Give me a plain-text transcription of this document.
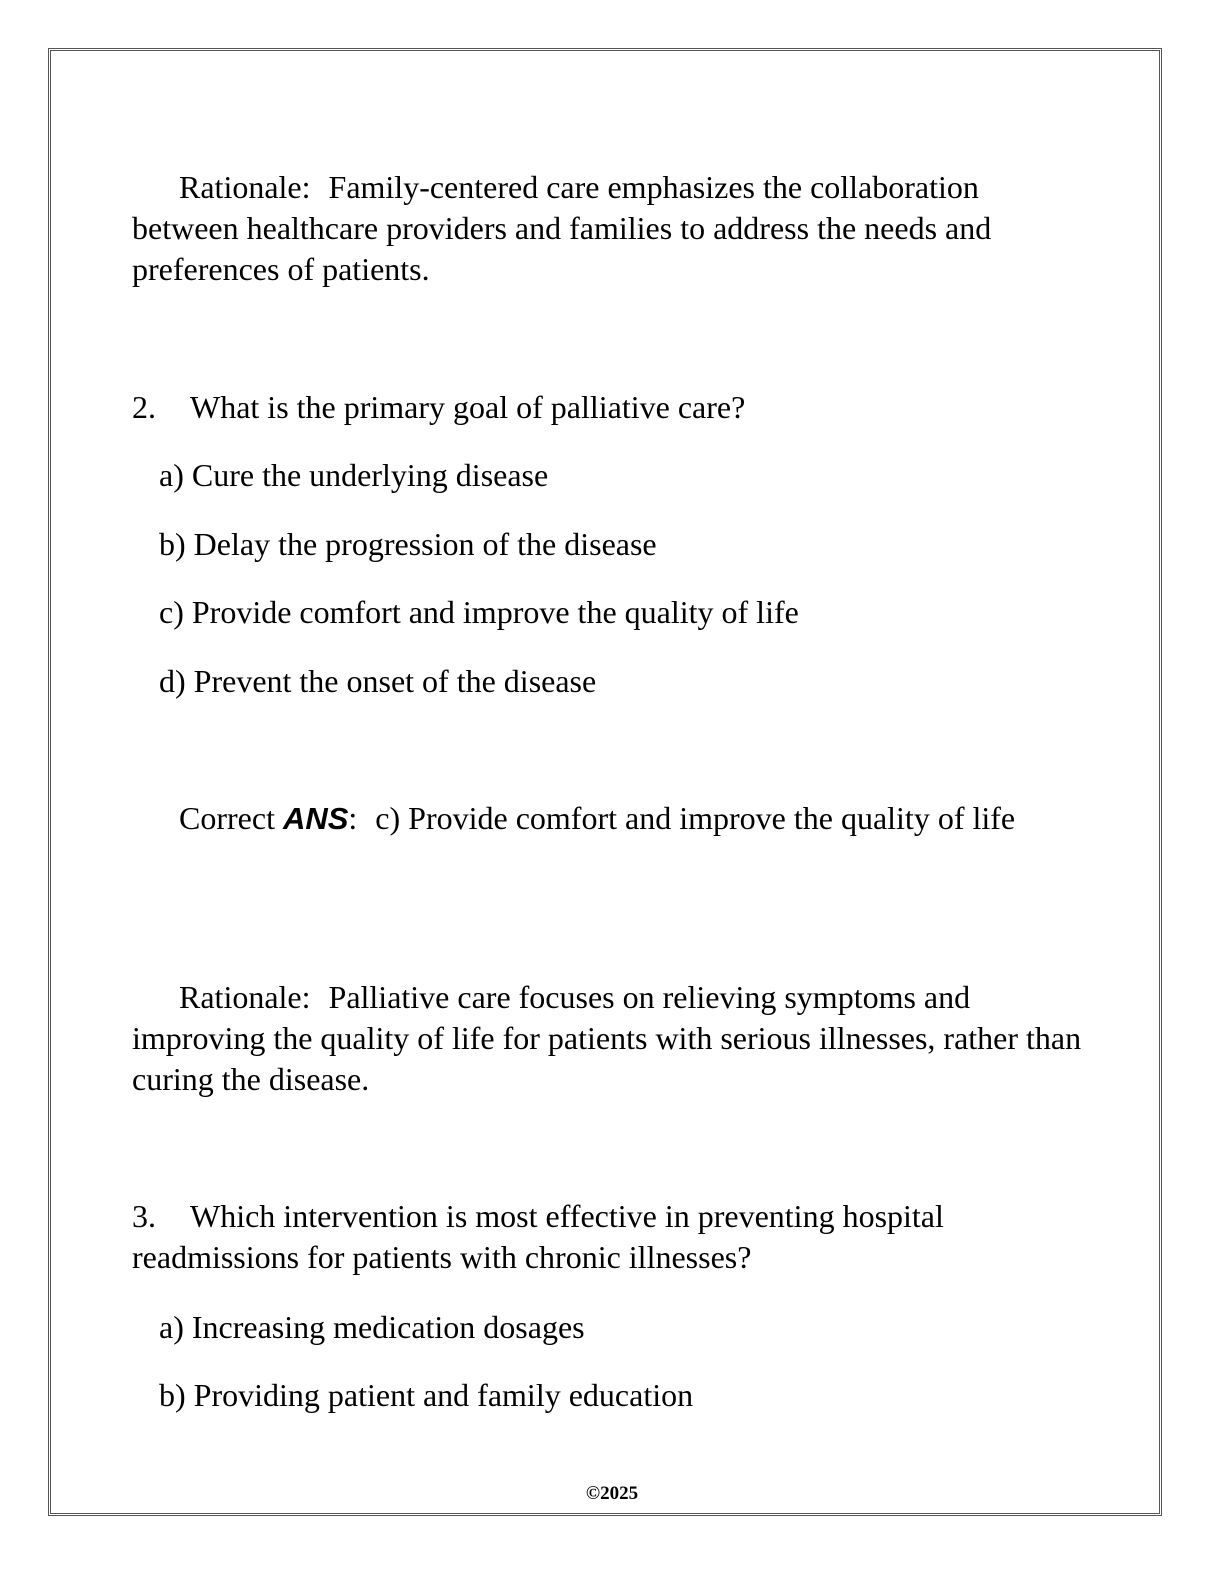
Rationale: Family-centered care emphasizes the collaboration between healthcare providers and families to address the needs and preferences of patients.

2. What is the primary goal of palliative care?

a) Cure the underlying disease

b) Delay the progression of the disease

c) Provide comfort and improve the quality of life

d) Prevent the onset of the disease

Correct ANS: c) Provide comfort and improve the quality of life

Rationale: Palliative care focuses on relieving symptoms and improving the quality of life for patients with serious illnesses, rather than curing the disease.

3. Which intervention is most effective in preventing hospital readmissions for patients with chronic illnesses?

a) Increasing medication dosages

b) Providing patient and family education

©2025
